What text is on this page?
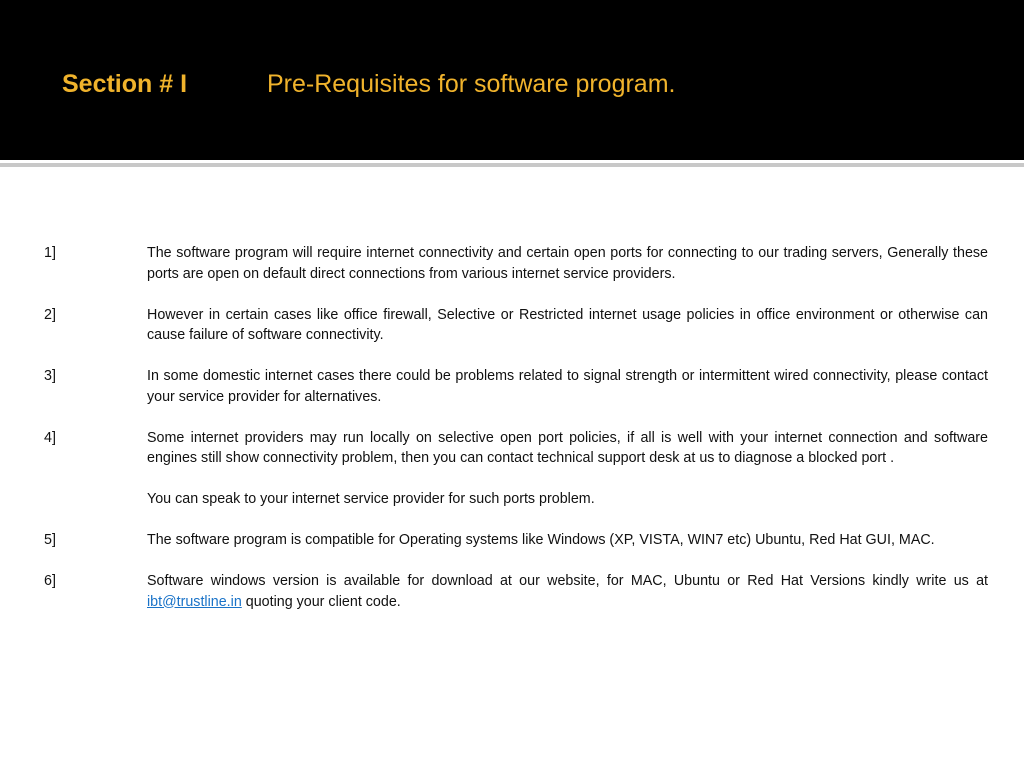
Section # I	Pre-Requisites for software program.
1]	The software program will require internet connectivity and certain open ports for connecting to our trading servers, Generally these ports are open on default direct connections from various internet service providers.
2]	However in certain cases like office firewall, Selective or Restricted internet usage policies in office environment or otherwise can cause failure of software connectivity.
3]	In some domestic internet cases there could be problems related to signal strength or intermittent wired connectivity, please contact your service provider for alternatives.
4]	Some internet providers may run locally on selective open port policies, if all is well with your internet connection and software engines still show connectivity problem, then you can contact technical support desk at us to diagnose a blocked port .
You can speak to your internet service provider for such ports problem.
5]	The software program is compatible for Operating systems like Windows (XP, VISTA, WIN7 etc) Ubuntu, Red Hat GUI, MAC.
6]	Software windows version is available for download at our website, for MAC, Ubuntu or Red Hat Versions kindly write us at ibt@trustline.in quoting your client code.
